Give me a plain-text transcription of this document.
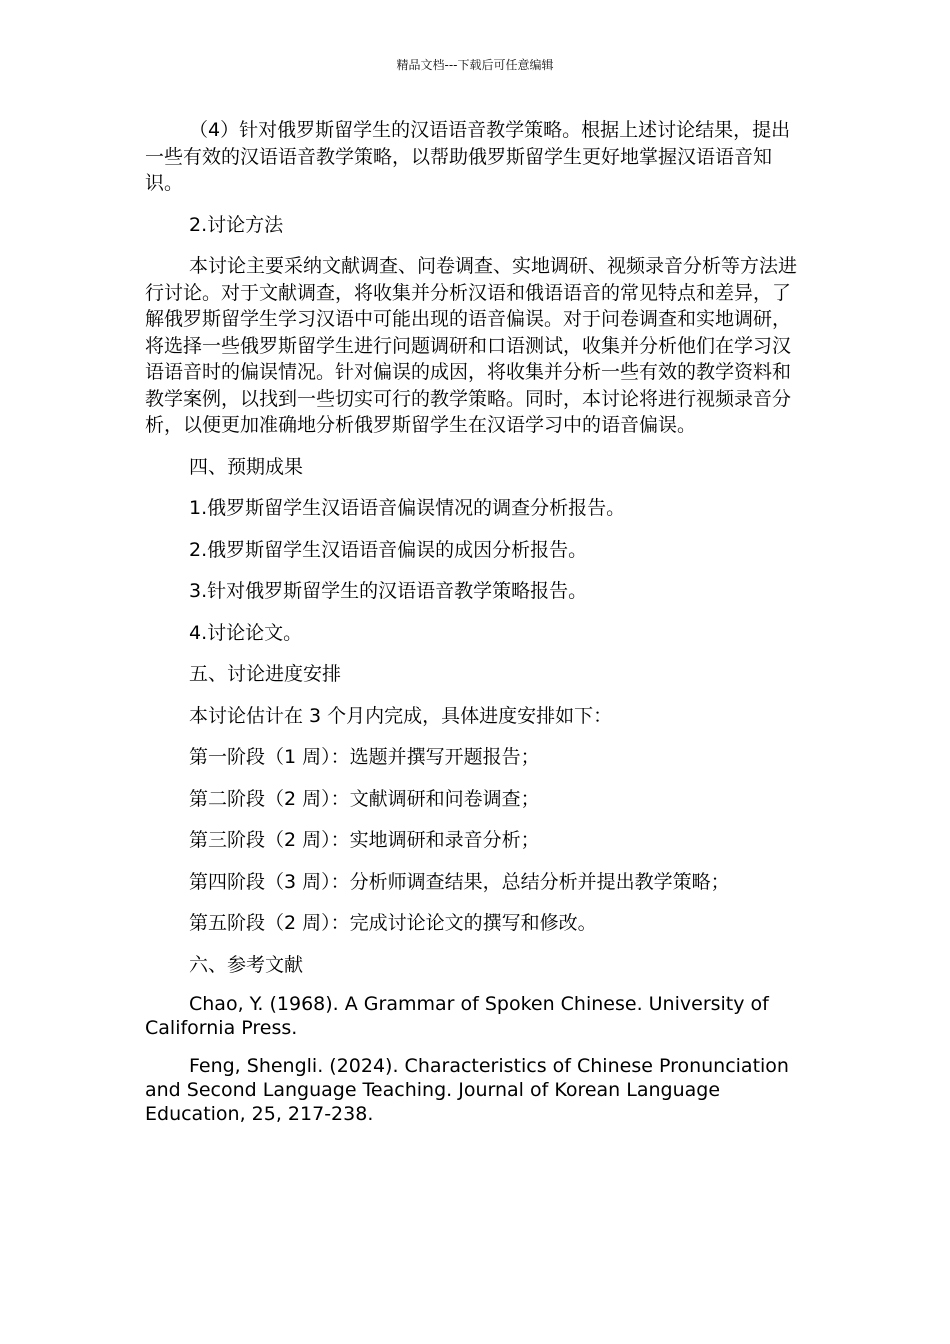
精品文档---下载后可任意编辑

（4）针对俄罗斯留学生的汉语语音教学策略。根据上述讨论结果，提出一些有效的汉语语音教学策略，以帮助俄罗斯留学生更好地掌握汉语语音知识。

2.讨论方法

本讨论主要采纳文献调查、问卷调查、实地调研、视频录音分析等方法进行讨论。对于文献调查，将收集并分析汉语和俄语语音的常见特点和差异，了解俄罗斯留学生学习汉语中可能出现的语音偏误。对于问卷调查和实地调研，将选择一些俄罗斯留学生进行问题调研和口语测试，收集并分析他们在学习汉语语音时的偏误情况。针对偏误的成因，将收集并分析一些有效的教学资料和教学案例，以找到一些切实可行的教学策略。同时，本讨论将进行视频录音分析，以便更加准确地分析俄罗斯留学生在汉语学习中的语音偏误。

四、预期成果

1.俄罗斯留学生汉语语音偏误情况的调查分析报告。

2.俄罗斯留学生汉语语音偏误的成因分析报告。

3.针对俄罗斯留学生的汉语语音教学策略报告。

4.讨论论文。

五、讨论进度安排

本讨论估计在 3 个月内完成，具体进度安排如下：

第一阶段（1 周）：选题并撰写开题报告；

第二阶段（2 周）：文献调研和问卷调查；

第三阶段（2 周）：实地调研和录音分析；

第四阶段（3 周）：分析师调查结果，总结分析并提出教学策略；

第五阶段（2 周）：完成讨论论文的撰写和修改。

六、参考文献

Chao, Y. (1968). A Grammar of Spoken Chinese. University of California Press.

Feng, Shengli. (2024). Characteristics of Chinese Pronunciation and Second Language Teaching. Journal of Korean Language Education, 25, 217-238.
